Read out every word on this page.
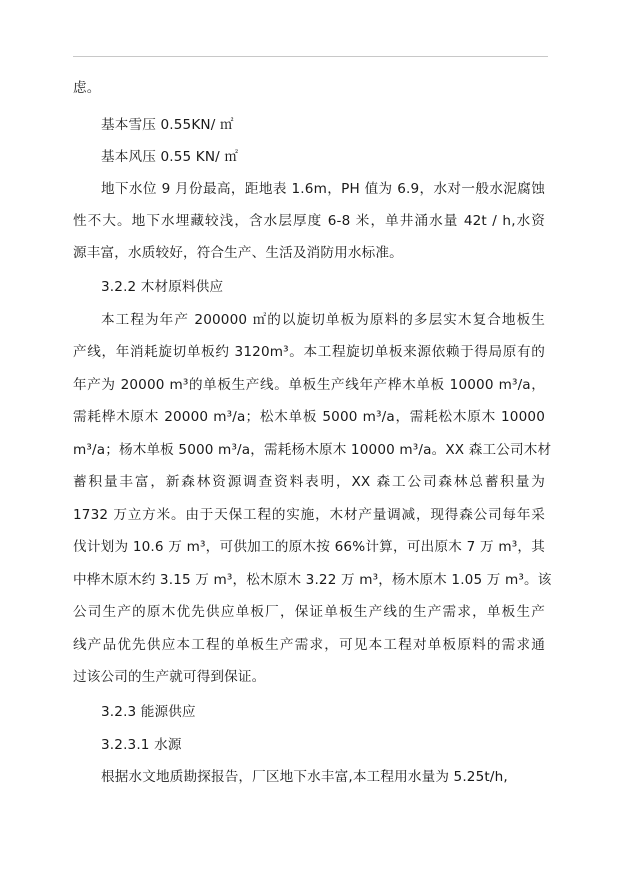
虑。
基本雪压 0.55KN/ ㎡
基本风压 0.55 KN/ ㎡
地下水位 9 月份最高，距地表 1.6m，PH 值为 6.9，水对一般水泥腐蚀
性不大。地下水埋藏较浅，含水层厚度 6-8 米，单井涌水量 42t / h,水资
源丰富，水质较好，符合生产、生活及消防用水标准。
3.2.2 木材原料供应
本工程为年产 200000 ㎡的以旋切单板为原料的多层实木复合地板生
产线，年消耗旋切单板约 3120m³。本工程旋切单板来源依赖于得局原有的
年产为 20000 m³的单板生产线。单板生产线年产桦木单板 10000 m³/a，
需耗桦木原木 20000 m³/a；松木单板 5000 m³/a，需耗松木原木 10000
m³/a；杨木单板 5000 m³/a，需耗杨木原木 10000 m³/a。XX 森工公司木材
蓄积量丰富，新森林资源调查资料表明，XX 森工公司森林总蓄积量为
1732 万立方米。由于天保工程的实施，木材产量调减，现得森公司每年采
伐计划为 10.6 万 m³，可供加工的原木按 66%计算，可出原木 7 万 m³，其
中桦木原木约 3.15 万 m³，松木原木 3.22 万 m³，杨木原木 1.05 万 m³。该
公司生产的原木优先供应单板厂，保证单板生产线的生产需求，单板生产
线产品优先供应本工程的单板生产需求，可见本工程对单板原料的需求通
过该公司的生产就可得到保证。
3.2.3 能源供应
3.2.3.1 水源
根据水文地质勘探报告，厂区地下水丰富,本工程用水量为 5.25t/h,
